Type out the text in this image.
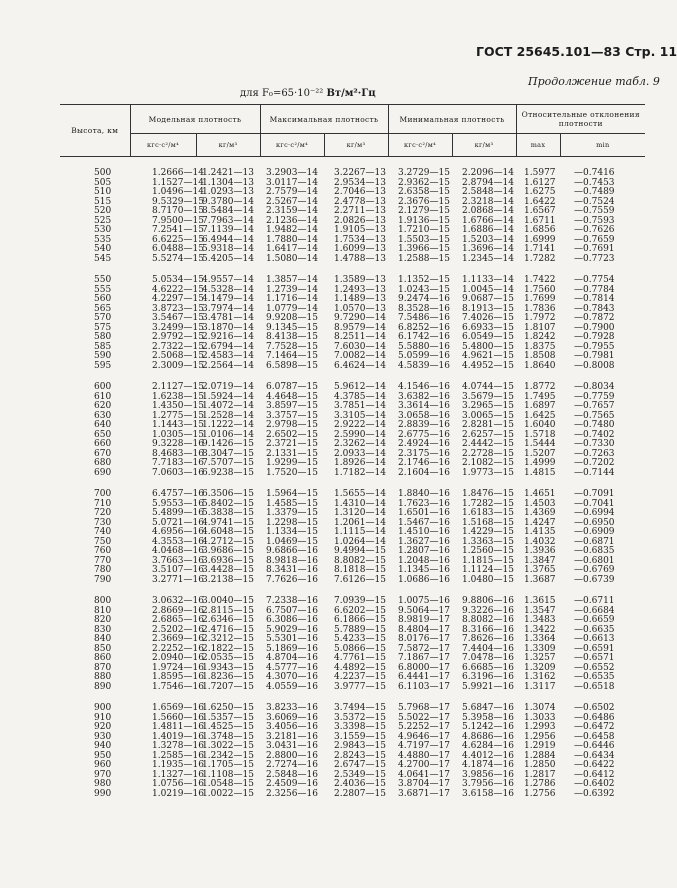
ГОСТ 25645.101—83 Стр. 11
Продолжение табл. 9
для F₀=65·10⁻²² Вт/м²·Гц
Высота, км	Модельная плотность		Максимальная плотность		Минимальная плотность		Относительные отклонения плотности	
	кгс·с²/м⁴	кг/м³	кгс·с²/м⁴	кг/м³	кгс·с²/м⁴	кг/м³	max	min

500	1.2666—14	1.2421—13	3.2903—14	3.2267—13	3.2729—15	2.2096—14	1.5977	—0.7416
505	1.1527—14	1.1304—13	3.0117—14	2.9534—13	2.9362—15	2.8794—14	1.6127	—0.7453
510	1.0496—14	1.0293—13	2.7579—14	2.7046—13	2.6358—15	2.5848—14	1.6275	—0.7489
515	9.5329—15	9.3780—14	2.5267—14	2.4778—13	2.3676—15	2.3218—14	1.6422	—0.7524
520	8.7170—15	8.5484—14	2.3159—14	2.2711—13	2.1279—15	2.0868—14	1.6567	—0.7559
525	7.9500—15	7.7963—14	2.1236—14	2.0826—13	1.9136—15	1.6766—14	1.6711	—0.7593
530	7.2541—15	7.1139—14	1.9482—14	1.9105—13	1.7210—15	1.6886—14	1.6856	—0.7626
535	6.6225—15	6.4944—14	1.7880—14	1.7534—13	1.5503—15	1.5203—14	1.6999	—0.7659
540	6.0488—15	5.9318—14	1.6417—14	1.6099—13	1.3966—15	1.3696—14	1.7141	—0.7691
545	5.5274—15	5.4205—14	1.5080—14	1.4788—13	1.2588—15	1.2345—14	1.7282	—0.7723

550	5.0534—15	4.9557—14	1.3857—14	1.3589—13	1.1352—15	1.1133—14	1.7422	—0.7754
555	4.6222—15	4.5328—14	1.2739—14	1.2493—13	1.0243—15	1.0045—14	1.7560	—0.7784
560	4.2297—15	4.1479—14	1.1716—14	1.1489—13	9.2474—16	9.0687—15	1.7699	—0.7814
565	3.8723—15	3.7974—14	1.0779—14	1.0570—13	8.3528—16	8.1913—15	1.7836	—0.7843
570	3.5467—15	3.4781—14	9.9208—15	9.7290—14	7.5486—16	7.4026—15	1.7972	—0.7872
575	3.2499—15	3.1870—14	9.1345—15	8.9579—14	6.8252—16	6.6933—15	1.8107	—0.7900
580	2.9792—15	2.9216—14	8.4138—15	8.2511—14	6.1742—16	6.0549—15	1.8242	—0.7928
585	2.7322—15	2.6794—14	7.7528—15	7.6030—14	5.5880—16	5.4800—15	1.8375	—0.7955
590	2.5068—15	2.4583—14	7.1464—15	7.0082—14	5.0599—16	4.9621—15	1.8508	—0.7981
595	2.3009—15	2.2564—14	6.5898—15	6.4624—14	4.5839—16	4.4952—15	1.8640	—0.8008

600	2.1127—15	2.0719—14	6.0787—15	5.9612—14	4.1546—16	4.0744—15	1.8772	—0.8034
610	1.6238—15	1.5924—14	4.4648—15	4.3785—14	3.6382—16	3.5679—15	1.7495	—0.7759
620	1.4350—15	1.4072—14	3.8597—15	3.7851—14	3.3614—16	3.2965—15	1.6897	—0.7657
630	1.2775—15	1.2528—14	3.3757—15	3.3105—14	3.0658—16	3.0065—15	1.6425	—0.7565
640	1.1443—15	1.1222—14	2.9798—15	2.9222—14	2.8839—16	2.8281—15	1.6040	—0.7480
650	1.0305—15	1.0106—14	2.6502—15	2.5990—14	2.6775—16	2.6257—15	1.5718	—0.7402
660	9.3228—16	9.1426—15	2.3721—15	2.3262—14	2.4924—16	2.4442—15	1.5444	—0.7330
670	8.4683—16	8.3047—15	2.1331—15	2.0933—14	2.3175—16	2.2728—15	1.5207	—0.7263
680	7.7183—16	7.5707—15	1.9299—15	1.8926—14	2.1746—16	2.1082—15	1.4999	—0.7202
690	7.0603—16	6.9238—15	1.7520—15	1.7182—14	2.1604—16	1.9773—15	1.4815	—0.7144

700	6.4757—16	6.3506—15	1.5964—15	1.5655—14	1.8840—16	1.8476—15	1.4651	—0.7091
710	5.9553—16	5.8402—15	1.4585—15	1.4310—14	1.7623—16	1.7282—15	1.4503	—0.7041
720	5.4899—16	5.3838—15	1.3379—15	1.3120—14	1.6501—16	1.6183—15	1.4369	—0.6994
730	5.0721—16	4.9741—15	1.2298—15	1.2061—14	1.5467—16	1.5168—15	1.4247	—0.6950
740	4.6956—16	4.6048—15	1.1334—15	1.1115—14	1.4510—16	1.4229—15	1.4135	—0.6909
750	4.3553—16	4.2712—15	1.0469—15	1.0264—14	1.3627—16	1.3363—15	1.4032	—0.6871
760	4.0468—16	3.9686—15	9.6866—16	9.4994—15	1.2807—16	1.2560—15	1.3936	—0.6835
770	3.7663—16	3.6936—15	8.9818—16	8.8082—15	1.2048—16	1.1815—15	1.3847	—0.6801
780	3.5107—16	3.4428—15	8.3431—16	8.1818—15	1.1345—16	1.1124—15	1.3765	—0.6769
790	3.2771—16	3.2138—15	7.7626—16	7.6126—15	1.0686—16	1.0480—15	1.3687	—0.6739

800	3.0632—16	3.0040—15	7.2338—16	7.0939—15	1.0075—16	9.8806—16	1.3615	—0.6711
810	2.8669—16	2.8115—15	6.7507—16	6.6202—15	9.5064—17	9.3226—16	1.3547	—0.6684
820	2.6865—16	2.6346—15	6.3086—16	6.1866—15	8.9819—17	8.8082—16	1.3483	—0.6659
830	2.5202—16	2.4716—15	5.9029—16	5.7889—15	8.4804—17	8.3166—16	1.3422	—0.6635
840	2.3669—16	2.3212—15	5.5301—16	5.4233—15	8.0176—17	7.8626—16	1.3364	—0.6613
850	2.2252—16	2.1822—15	5.1869—16	5.0866—15	7.5872—17	7.4404—16	1.3309	—0.6591
860	2.0940—16	2.0535—15	4.8704—16	4.7761—15	7.1867—17	7.0478—16	1.3257	—0.6571
870	1.9724—16	1.9343—15	4.5777—16	4.4892—15	6.8000—17	6.6685—16	1.3209	—0.6552
880	1.8595—16	1.8236—15	4.3070—16	4.2237—15	6.4441—17	6.3196—16	1.3162	—0.6535
890	1.7546—16	1.7207—15	4.0559—16	3.9777—15	6.1103—17	5.9921—16	1.3117	—0.6518

900	1.6569—16	1.6250—15	3.8233—16	3.7494—15	5.7968—17	5.6847—16	1.3074	—0.6502
910	1.5660—16	1.5357—15	3.6069—16	3.5372—15	5.5022—17	5.3958—16	1.3033	—0.6486
920	1.4811—16	1.4525—15	3.4056—16	3.3398—15	5.2252—17	5.1242—16	1.2993	—0.6472
930	1.4019—16	1.3748—15	3.2181—16	3.1559—15	4.9646—17	4.8686—16	1.2956	—0.6458
940	1.3278—16	1.3022—15	3.0431—16	2.9843—15	4.7197—17	4.6284—16	1.2919	—0.6446
950	1.2585—16	1.2342—15	2.8800—16	2.8243—15	4.4880—17	4.4012—16	1.2884	—0.6434
960	1.1935—16	1.1705—15	2.7274—16	2.6747—15	4.2700—17	4.1874—16	1.2850	—0.6422
970	1.1327—16	1.1108—15	2.5848—16	2.5349—15	4.0641—17	3.9856—16	1.2817	—0.6412
980	1.0756—16	1.0548—15	2.4509—16	2.4036—15	3.8704—17	3.7956—16	1.2786	—0.6402
990	1.0219—16	1.0022—15	2.3256—16	2.2807—15	3.6871—17	3.6158—16	1.2756	—0.6392
